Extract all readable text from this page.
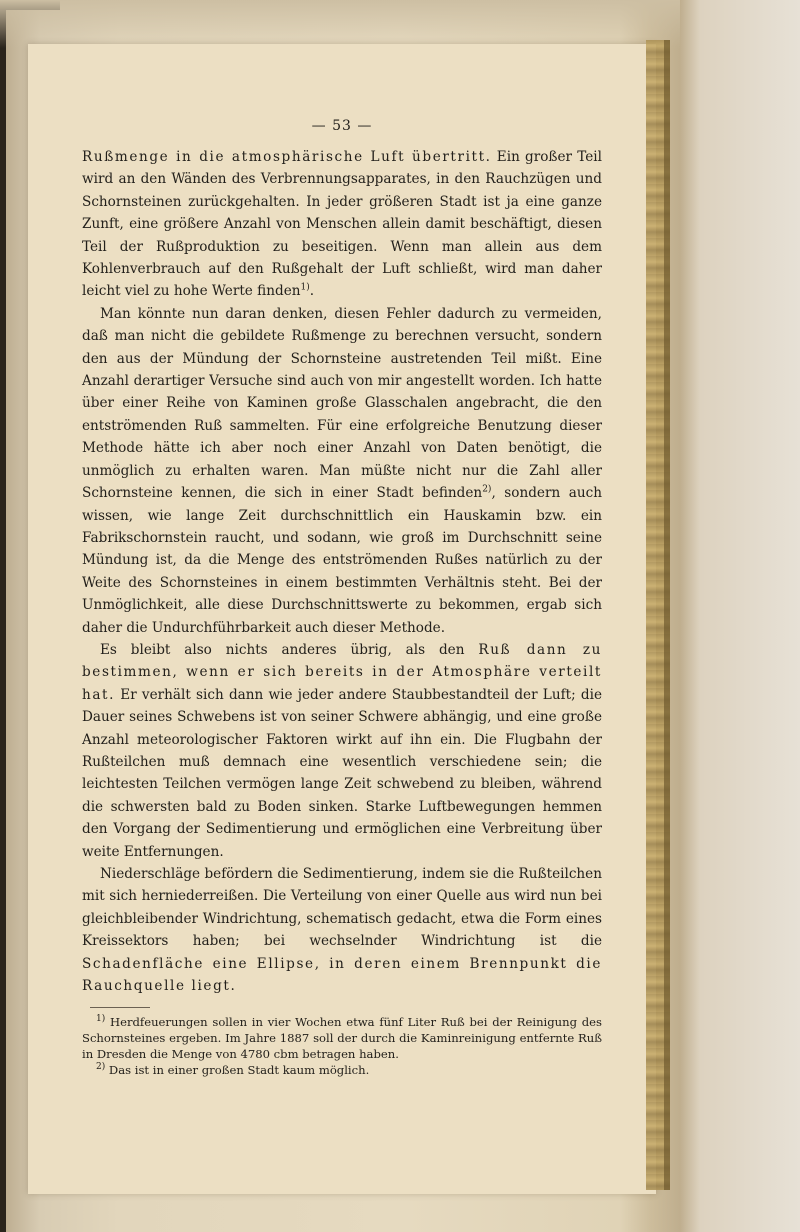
— 53 —

Rußmenge in die atmosphärische Luft übertritt. Ein großer Teil wird an den Wänden des Verbrennungsapparates, in den Rauchzügen und Schornsteinen zurückgehalten. In jeder größeren Stadt ist ja eine ganze Zunft, eine größere Anzahl von Menschen allein damit beschäftigt, diesen Teil der Rußproduktion zu beseitigen. Wenn man allein aus dem Kohlenverbrauch auf den Rußgehalt der Luft schließt, wird man daher leicht viel zu hohe Werte finden$^{1)}$.

Man könnte nun daran denken, diesen Fehler dadurch zu vermeiden, daß man nicht die gebildete Rußmenge zu berechnen versucht, sondern den aus der Mündung der Schornsteine austretenden Teil mißt. Eine Anzahl derartiger Versuche sind auch von mir angestellt worden. Ich hatte über einer Reihe von Kaminen große Glasschalen angebracht, die den entströmenden Ruß sammelten. Für eine erfolgreiche Benutzung dieser Methode hätte ich aber noch einer Anzahl von Daten benötigt, die unmöglich zu erhalten waren. Man müßte nicht nur die Zahl aller Schornsteine kennen, die sich in einer Stadt befinden$^{2)}$, sondern auch wissen, wie lange Zeit durchschnittlich ein Hauskamin bzw. ein Fabrikschornstein raucht, und sodann, wie groß im Durchschnitt seine Mündung ist, da die Menge des entströmenden Rußes natürlich zu der Weite des Schornsteines in einem bestimmten Verhältnis steht. Bei der Unmöglichkeit, alle diese Durchschnittswerte zu bekommen, ergab sich daher die Undurchführbarkeit auch dieser Methode.

Es bleibt also nichts anderes übrig, als den Ruß dann zu bestimmen, wenn er sich bereits in der Atmosphäre verteilt hat. Er verhält sich dann wie jeder andere Staubbestandteil der Luft; die Dauer seines Schwebens ist von seiner Schwere abhängig, und eine große Anzahl meteorologischer Faktoren wirkt auf ihn ein. Die Flugbahn der Rußteilchen muß demnach eine wesentlich verschiedene sein; die leichtesten Teilchen vermögen lange Zeit schwebend zu bleiben, während die schwersten bald zu Boden sinken. Starke Luftbewegungen hemmen den Vorgang der Sedimentierung und ermöglichen eine Verbreitung über weite Entfernungen.

Niederschläge befördern die Sedimentierung, indem sie die Rußteilchen mit sich herniederreißen. Die Verteilung von einer Quelle aus wird nun bei gleichbleibender Windrichtung, schematisch gedacht, etwa die Form eines Kreissektors haben; bei wechselnder Windrichtung ist die Schadenfläche eine Ellipse, in deren einem Brennpunkt die Rauchquelle liegt.

$^{1)}$ Herdfeuerungen sollen in vier Wochen etwa fünf Liter Ruß bei der Reinigung des Schornsteines ergeben. Im Jahre 1887 soll der durch die Kaminreinigung entfernte Ruß in Dresden die Menge von 4780 cbm betragen haben.

$^{2)}$ Das ist in einer großen Stadt kaum möglich.
